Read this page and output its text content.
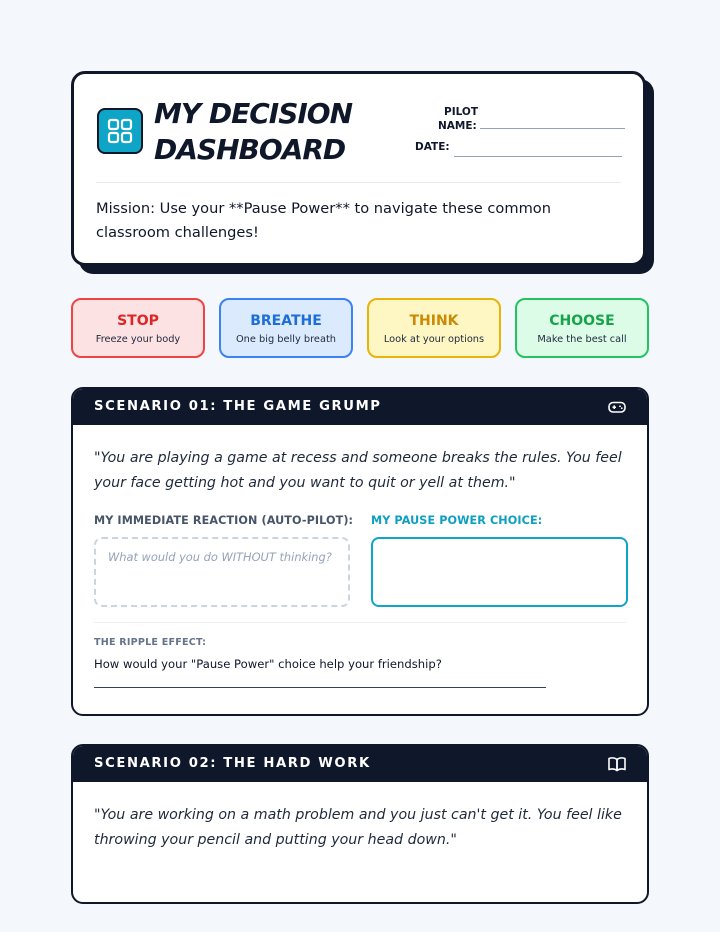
MY DECISION
DASHBOARD
PILOT
NAME:
DATE:

Mission: Use your **Pause Power** to navigate these common classroom challenges!

STOP
Freeze your body
BREATHE
One big belly breath
THINK
Look at your options
CHOOSE
Make the best call
SCENARIO 01: THE GAME GRUMP

"You are playing a game at recess and someone breaks the rules. You feel your face getting hot and you want to quit or yell at them."

MY IMMEDIATE REACTION (AUTO-PILOT): MY PAUSE POWER CHOICE:
What would you do WITHOUT thinking?
THE RIPPLE EFFECT:
How would your "Pause Power" choice help your friendship?
SCENARIO 02: THE HARD WORK

"You are working on a math problem and you just can't get it. You feel like throwing your pencil and putting your head down."
